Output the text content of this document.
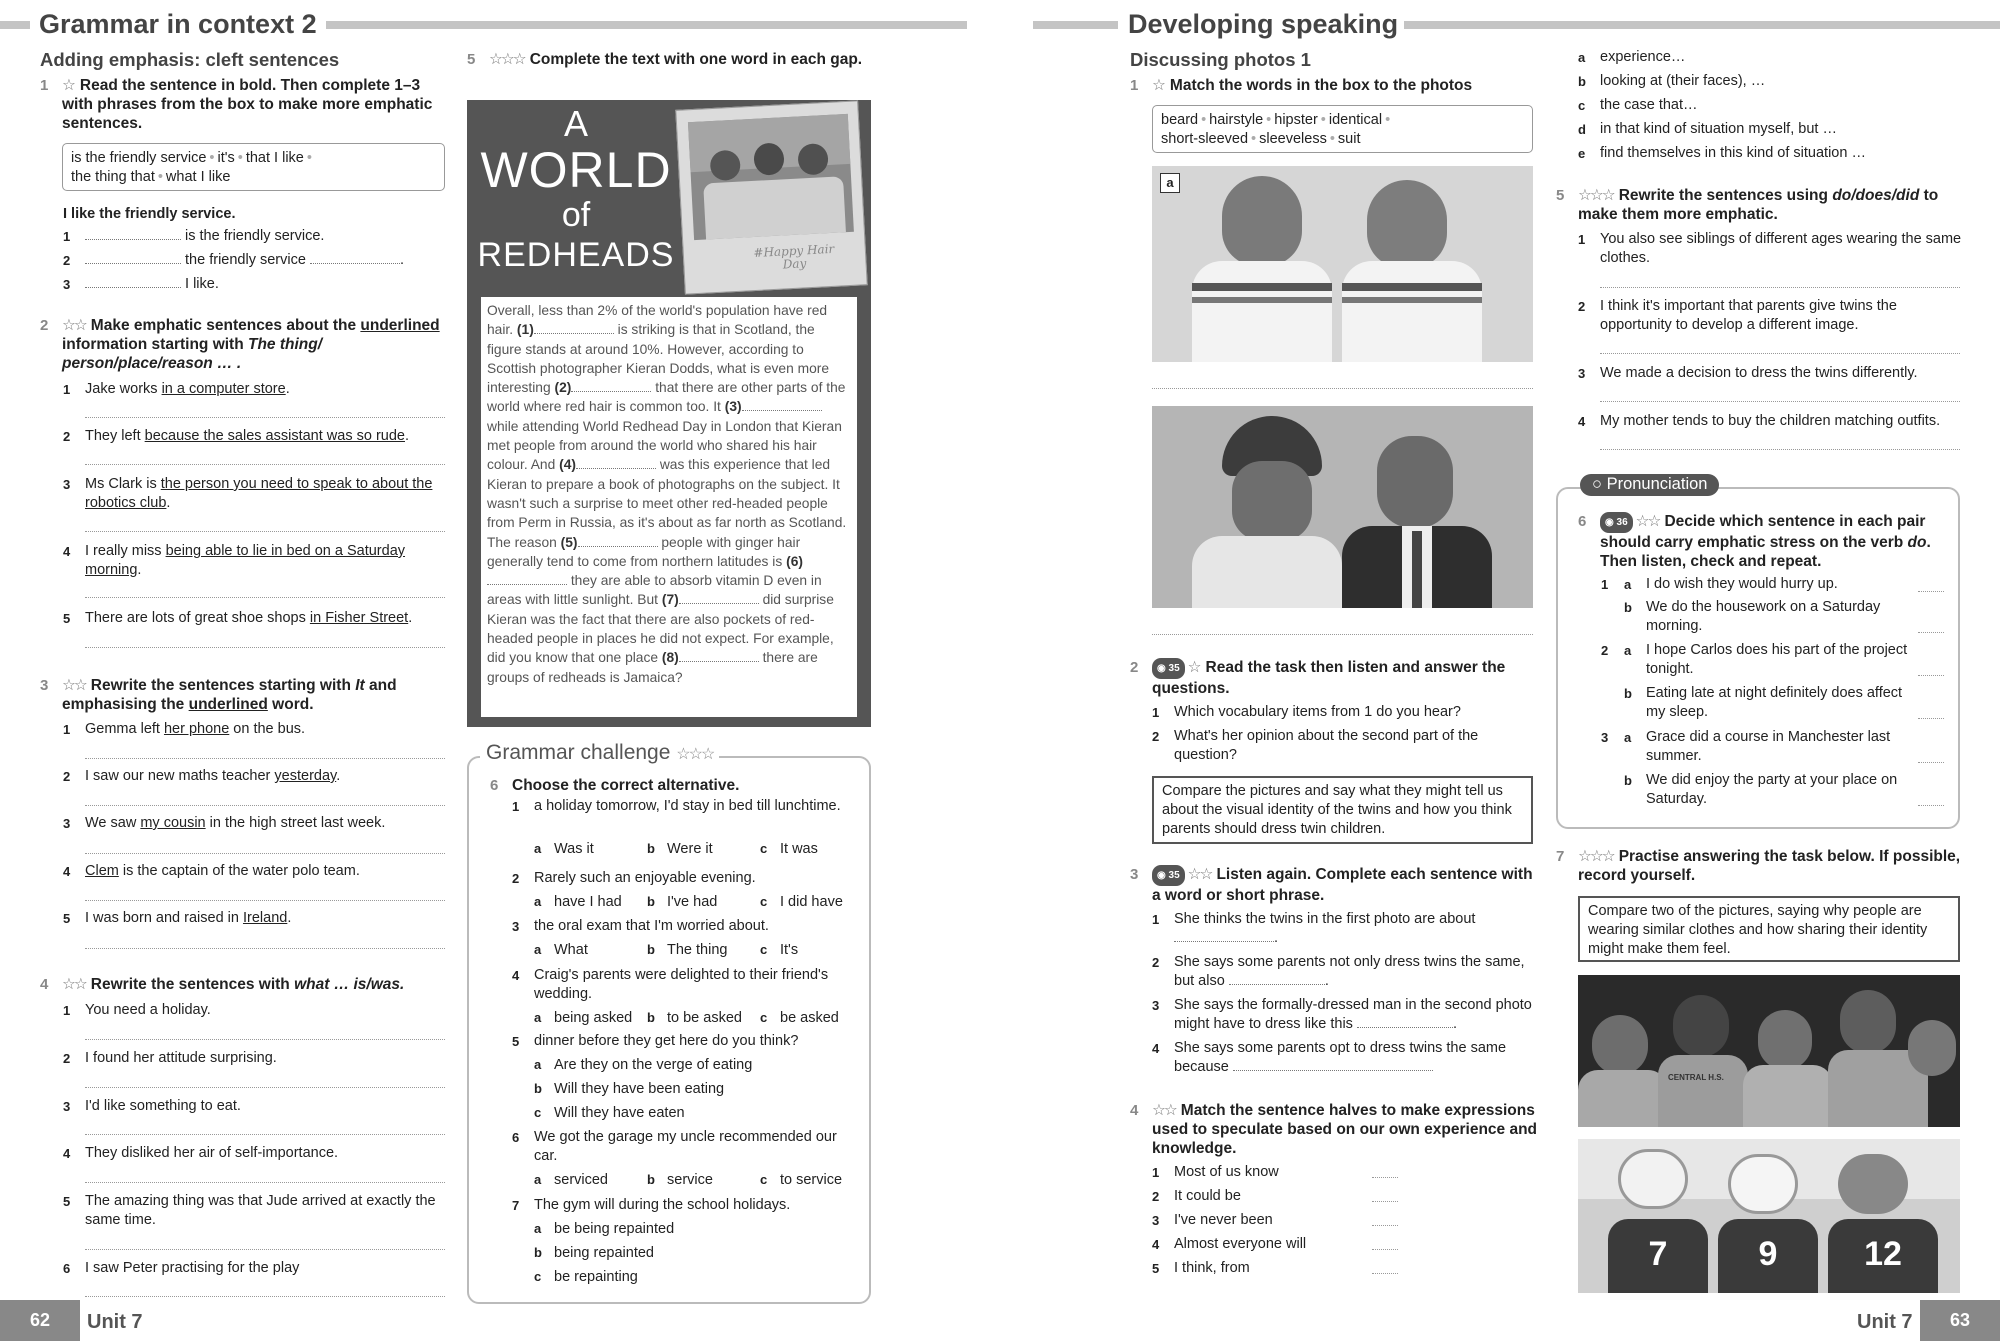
Grammar in context 2
Adding emphasis: cleft sentences
1 ☆ Read the sentence in bold. Then complete 1–3 with phrases from the box to make more emphatic sentences.
is the friendly service • it's • that I like •
the thing that • what I like
I like the friendly service.
1	is the friendly service.
2	the friendly service	.
3	I like.
2 ☆☆ Make emphatic sentences about the underlined information starting with The thing/ person/place/reason … .
1	Jake works in a computer store.
2	They left because the sales assistant was so rude.
3	Ms Clark is the person you need to speak to about the robotics club.
4	I really miss being able to lie in bed on a Saturday morning.
5	There are lots of great shoe shops in Fisher Street.
3 ☆☆ Rewrite the sentences starting with It and emphasising the underlined word.
1	Gemma left her phone on the bus.
2	I saw our new maths teacher yesterday.
3	We saw my cousin in the high street last week.
4	Clem is the captain of the water polo team.
5	I was born and raised in Ireland.
4 ☆☆ Rewrite the sentences with what … is/was.
1	You need a holiday.
2	I found her attitude surprising.
3	I'd like something to eat.
4	They disliked her air of self-importance.
5	The amazing thing was that Jude arrived at exactly the same time.
6	I saw Peter practising for the play
5 ☆☆☆ Complete the text with one word in each gap.
A
WORLD
of
REDHEADS	#Happy Hair Day
Overall, less than 2% of the world's population have red hair. (1)	is striking is that in Scotland, the figure stands at around 10%. However, according to Scottish photographer Kieran Dodds, what is even more interesting (2)	that there are other parts of the world where red hair is common too. It (3) while attending World Redhead Day in London that Kieran met people from around the world who shared his hair colour. And (4)	was this experience that led Kieran to prepare a book of photographs on the subject. It wasn't such a surprise to meet other red-headed people from Perm in Russia, as it's about as far north as Scotland. The reason (5)	people with ginger hair generally tend to come from northern latitudes is (6) they are able to absorb vitamin D even in areas with little sunlight. But (7)	did surprise Kieran was the fact that there are also pockets of red-headed people in places he did not expect. For example, did you know that one place (8)	there are groups of redheads is Jamaica?
Grammar challenge ☆☆☆
6 Choose the correct alternative.
1	a holiday tomorrow, I'd stay in bed till lunchtime.
a Was it	b Were it	c It was
2	Rarely such an enjoyable evening.
a have I had b I've had	c I did have
3	the oral exam that I'm worried about.
a What	b The thing	c It's
4	Craig's parents were delighted to their friend's wedding.
a being asked b to be asked c be asked
5	dinner before they get here do you think?
a Are they on the verge of eating
b Will they have been eating
c Will they have eaten
6	We got the garage my uncle recommended our car.
a serviced	b service	c to service
7	The gym will during the school holidays.
a be being repainted
b being repainted
c be repainting
62	Unit 7
Developing speaking
Discussing photos 1
1 ☆ Match the words in the box to the photos
beard • hairstyle • hipster • identical •
short-sleeved • sleeveless • suit
a
2 ◉ 35 ☆ Read the task then listen and answer the questions.
1	Which vocabulary items from 1 do you hear?
2	What's her opinion about the second part of the question?
Compare the pictures and say what they might tell us about the visual identity of the twins and how you think parents should dress twin children.
3 ◉ 35 ☆☆ Listen again. Complete each sentence with a word or short phrase.
1	She thinks the twins in the first photo are about
.
2	She says some parents not only dress twins the same, but also	.
3	She says the formally-dressed man in the second photo might have to dress like this	.
4	She says some parents opt to dress twins the same because
4 ☆☆ Match the sentence halves to make expressions used to speculate based on our own experience and knowledge.
1	Most of us know
2	It could be
3	I've never been
4	Almost everyone will
5	I think, from
a	experience…
b looking at (their faces), …
c	the case that…
d in that kind of situation myself, but …
e	find themselves in this kind of situation …
5 ☆☆☆ Rewrite the sentences using do/does/did to make them more emphatic.
1	You also see siblings of different ages wearing the same clothes.
2	I think it's important that parents give twins the opportunity to develop a different image.
3	We made a decision to dress the twins differently.
4	My mother tends to buy the children matching outfits.
○ Pronunciation
6 ◉ 36 ☆☆ Decide which sentence in each pair should carry emphatic stress on the verb do. Then listen, check and repeat.
1 a I do wish they would hurry up.
b We do the housework on a Saturday morning.
2 a I hope Carlos does his part of the project tonight.
b Eating late at night definitely does affect my sleep.
3 a Grace did a course in Manchester last summer.
b We did enjoy the party at your place on Saturday.
7 ☆☆☆ Practise answering the task below. If possible, record yourself.
Compare two of the pictures, saying why people are wearing similar clothes and how sharing their identity might make them feel.
CENTRAL H.S.
7	9	12
Unit 7	63
